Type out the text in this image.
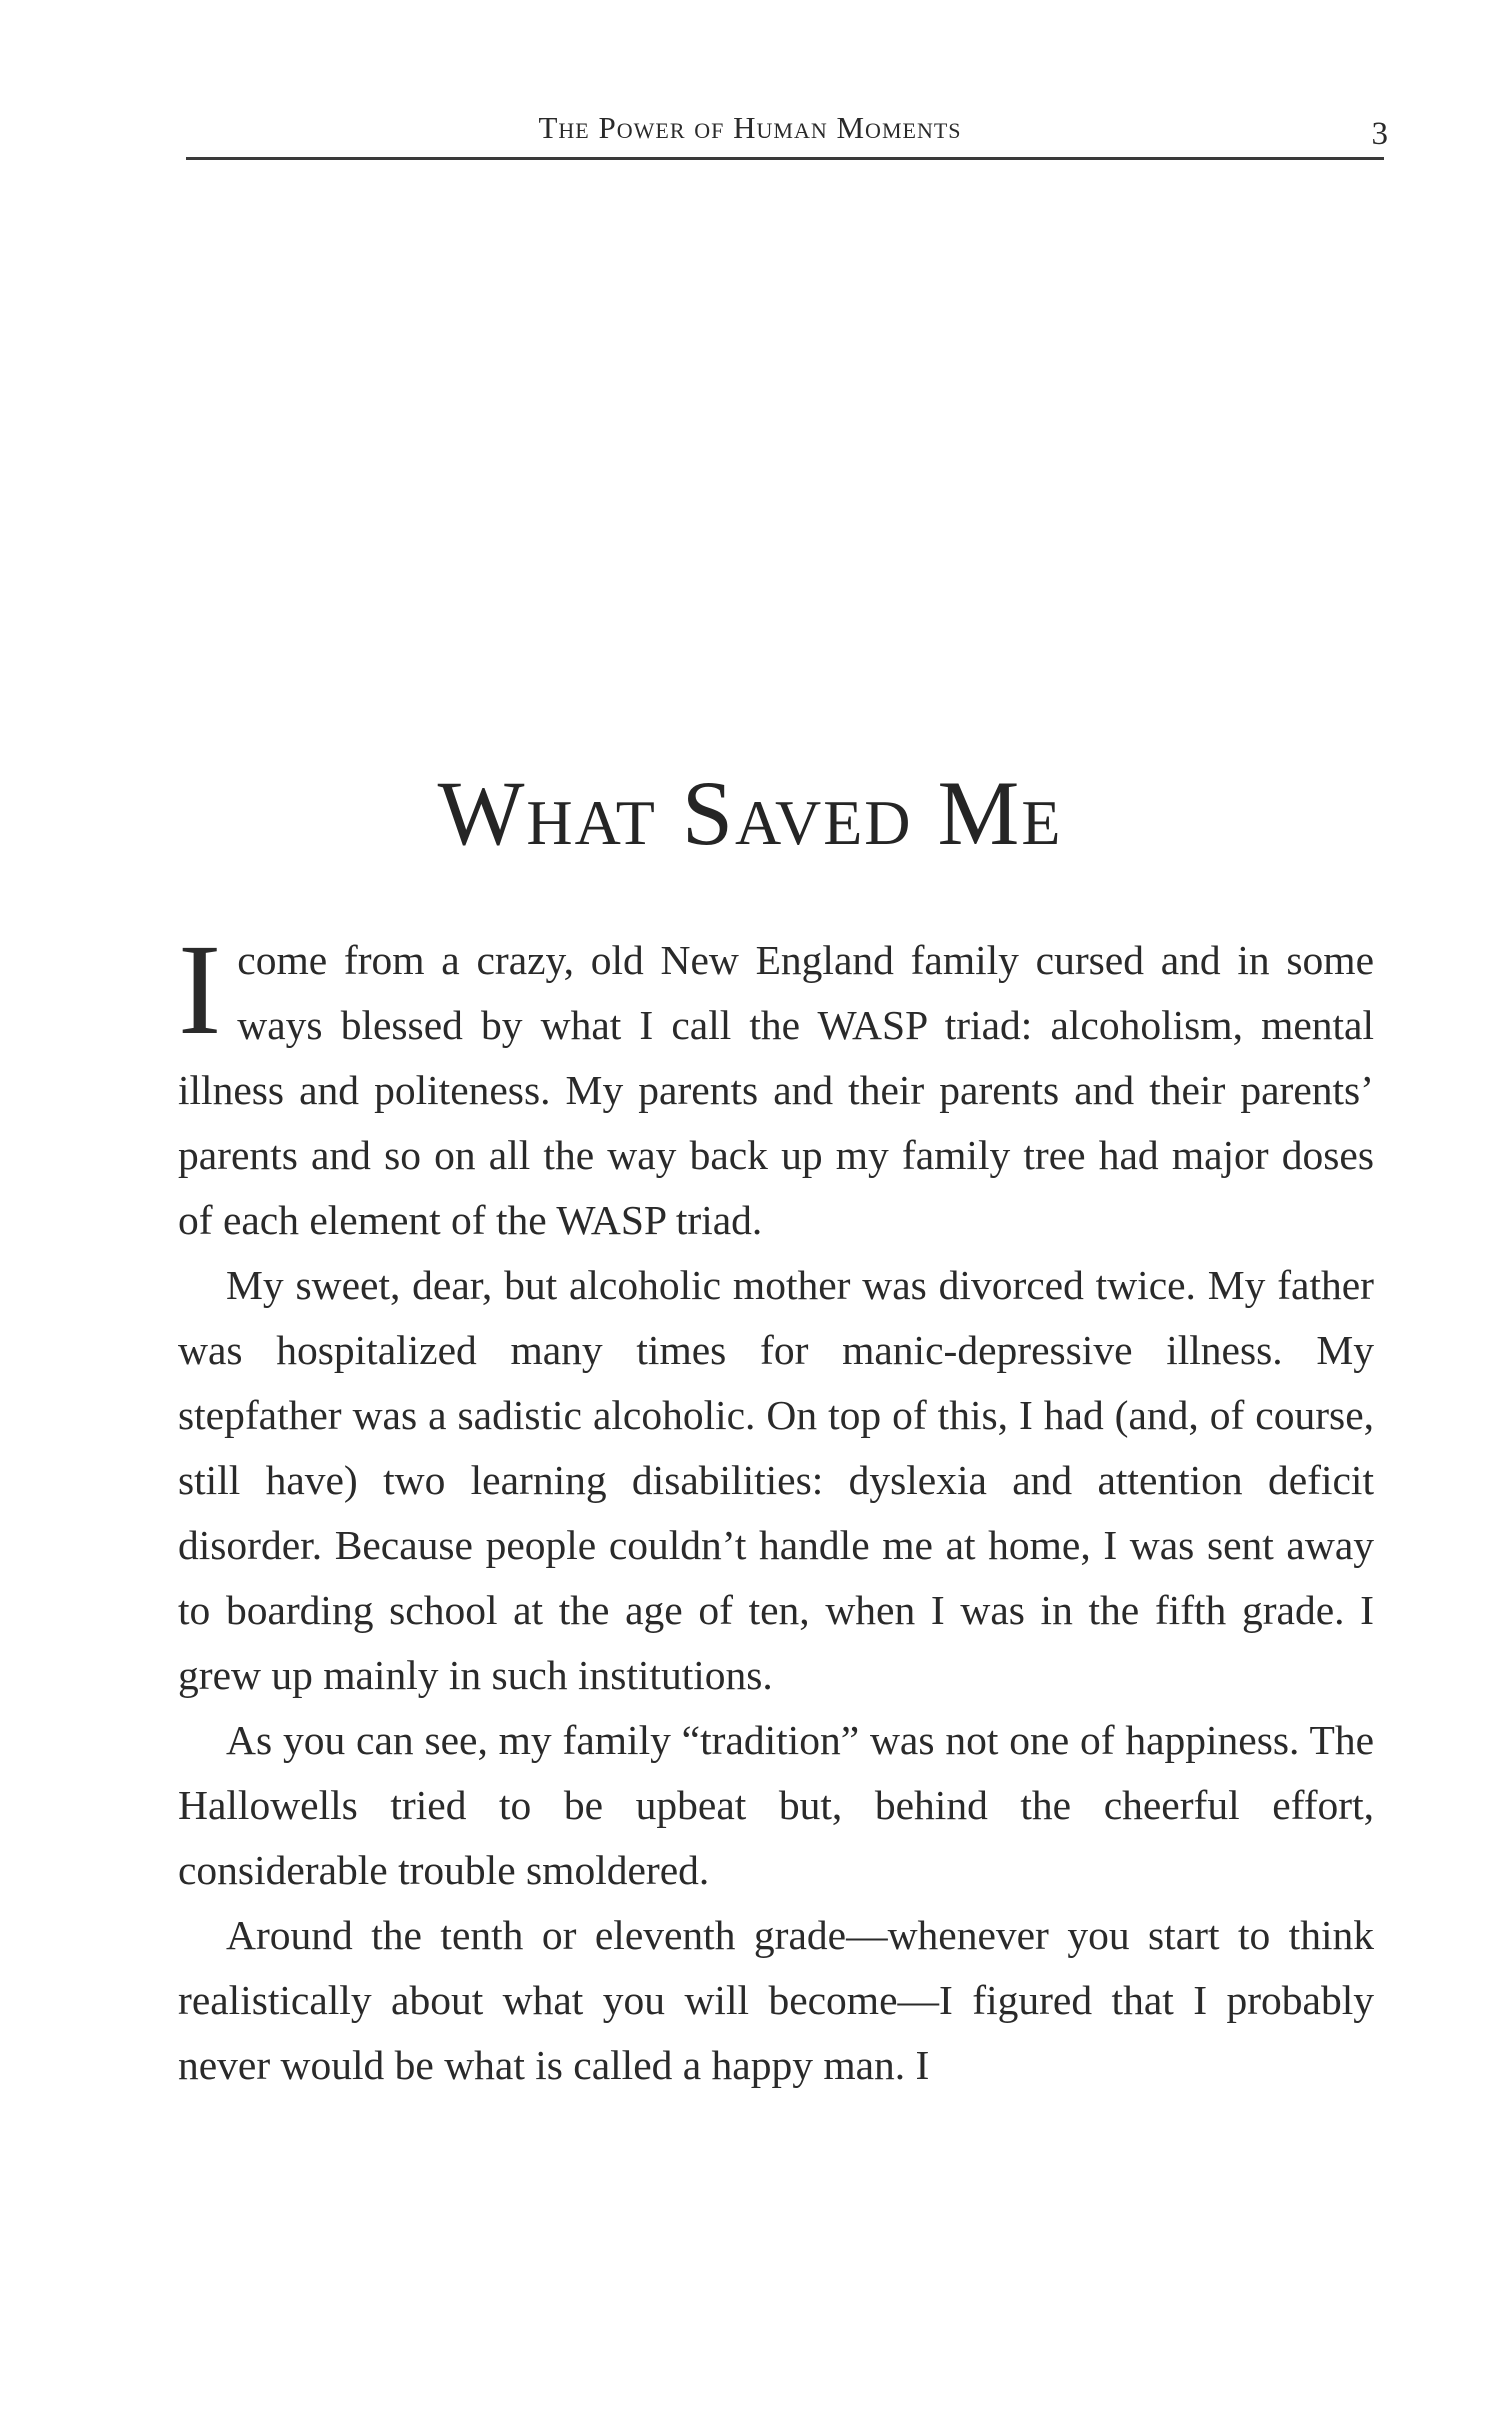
The Power of Human Moments	3
What Saved Me

Icome from a crazy, old New England family cursed and in some ways blessed by what I call the WASP triad: alcoholism, mental illness and politeness. My parents and their parents and their parents’ parents and so on all the way back up my family tree had major doses of each element of the WASP triad.

My sweet, dear, but alcoholic mother was divorced twice. My father was hospitalized many times for manic-depressive illness. My stepfather was a sadistic alcoholic. On top of this, I had (and, of course, still have) two learning disabilities: dyslexia and attention deficit disorder. Because people couldn’t handle me at home, I was sent away to boarding school at the age of ten, when I was in the fifth grade. I grew up mainly in such institutions.

As you can see, my family “tradition” was not one of happiness. The Hallowells tried to be upbeat but, behind the cheerful effort, considerable trouble smoldered.

Around the tenth or eleventh grade—whenever you start to think realistically about what you will become—I figured that I probably never would be what is called a happy man. I
